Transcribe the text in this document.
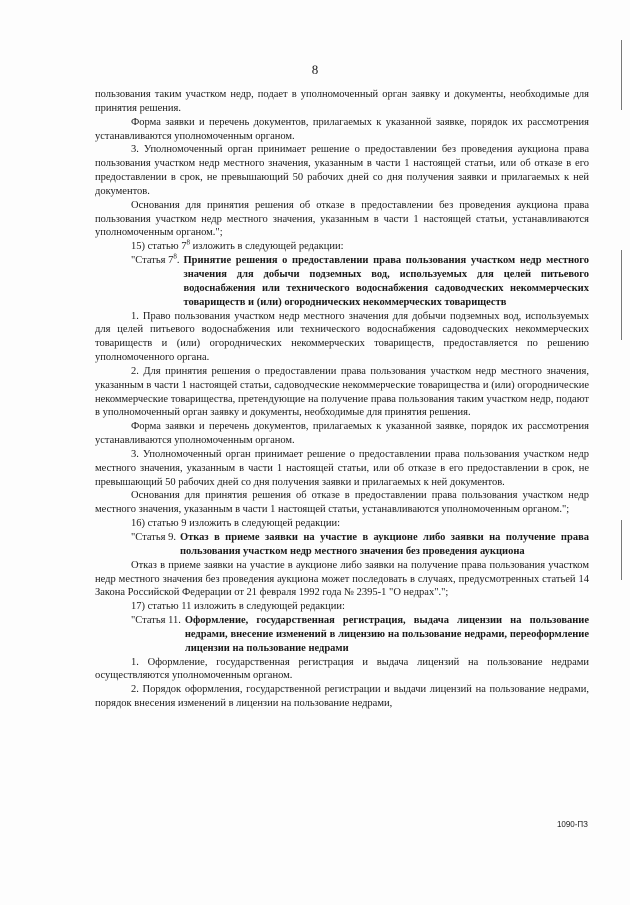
8

пользования таким участком недр, подает в уполномоченный орган заявку и документы, необходимые для принятия решения.

Форма заявки и перечень документов, прилагаемых к указанной заявке, порядок их рассмотрения устанавливаются уполномоченным органом.

3. Уполномоченный орган принимает решение о предоставлении без проведения аукциона права пользования участком недр местного значения, указанным в части 1 настоящей статьи, или об отказе в его предоставлении в срок, не превышающий 50 рабочих дней со дня получения заявки и прилагаемых к ней документов.

Основания для принятия решения об отказе в предоставлении без проведения аукциона права пользования участком недр местного значения, указанным в части 1 настоящей статьи, устанавливаются уполномоченным органом.";

15) статью $7^8$ изложить в следующей редакции:

"Статья $7^8$. Принятие решения о предоставлении права пользования участком недр местного значения для добычи подземных вод, используемых для целей питьевого водоснабжения или технического водоснабжения садоводческих некоммерческих товариществ и (или) огороднических некоммерческих товариществ

1. Право пользования участком недр местного значения для добычи подземных вод, используемых для целей питьевого водоснабжения или технического водоснабжения садоводческих некоммерческих товариществ и (или) огороднических некоммерческих товариществ, предоставляется по решению уполномоченного органа.

2. Для принятия решения о предоставлении права пользования участком недр местного значения, указанным в части 1 настоящей статьи, садоводческие некоммерческие товарищества и (или) огороднические некоммерческие товарищества, претендующие на получение права пользования таким участком недр, подают в уполномоченный орган заявку и документы, необходимые для принятия решения.

Форма заявки и перечень документов, прилагаемых к указанной заявке, порядок их рассмотрения устанавливаются уполномоченным органом.

3. Уполномоченный орган принимает решение о предоставлении права пользования участком недр местного значения, указанным в части 1 настоящей статьи, или об отказе в его предоставлении в срок, не превышающий 50 рабочих дней со дня получения заявки и прилагаемых к ней документов.

Основания для принятия решения об отказе в предоставлении права пользования участком недр местного значения, указанным в части 1 настоящей статьи, устанавливаются уполномоченным органом.";

16) статью 9 изложить в следующей редакции:

"Статья 9. Отказ в приеме заявки на участие в аукционе либо заявки на получение права пользования участком недр местного значения без проведения аукциона

Отказ в приеме заявки на участие в аукционе либо заявки на получение права пользования участком недр местного значения без проведения аукциона может последовать в случаях, предусмотренных статьей 14 Закона Российской Федерации от 21 февраля 1992 года № 2395-1 "О недрах".";

17) статью 11 изложить в следующей редакции:

"Статья 11. Оформление, государственная регистрация, выдача лицензии на пользование недрами, внесение изменений в лицензию на пользование недрами, переоформление лицензии на пользование недрами

1. Оформление, государственная регистрация и выдача лицензий на пользование недрами осуществляются уполномоченным органом.

2. Порядок оформления, государственной регистрации и выдачи лицензий на пользование недрами, порядок внесения изменений в лицензии на пользование недрами,

1090-ПЗ
